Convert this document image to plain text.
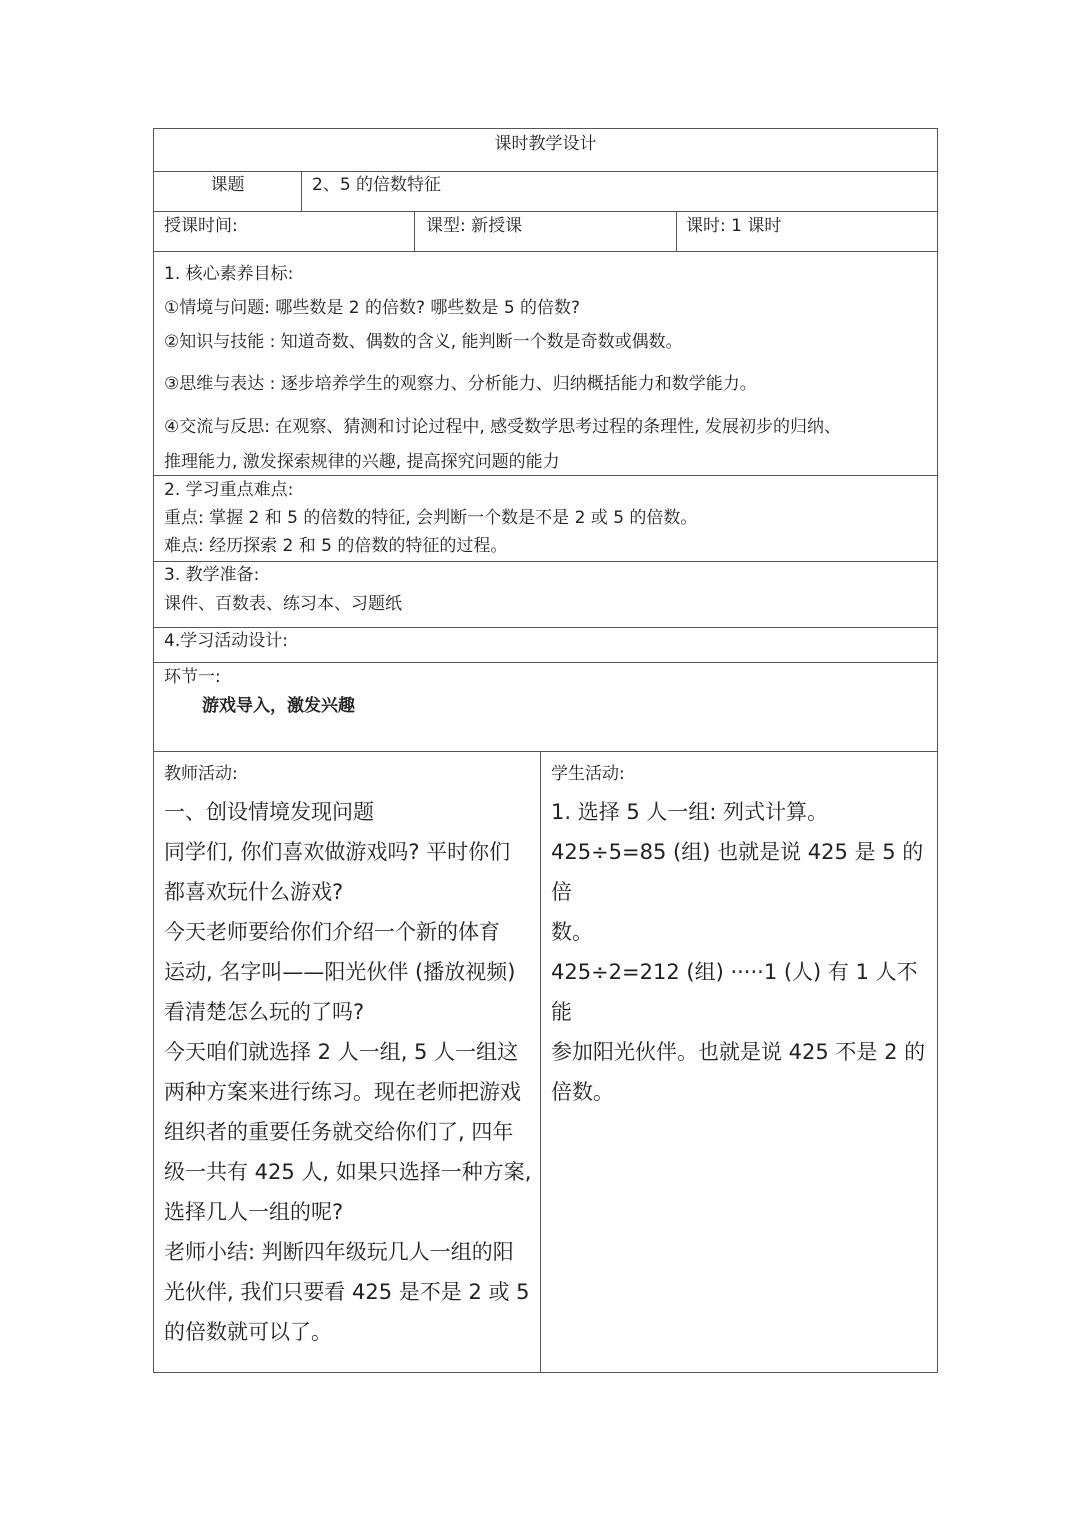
课时教学设计
课题	2、5 的倍数特征
授课时间:	课型: 新授课	课时: 1 课时
1. 核心素养目标:
①情境与问题: 哪些数是 2 的倍数? 哪些数是 5 的倍数?
②知识与技能 : 知道奇数、偶数的含义, 能判断一个数是奇数或偶数。
③思维与表达 : 逐步培养学生的观察力、分析能力、归纳概括能力和数学能力。
④交流与反思: 在观察、猜测和讨论过程中, 感受数学思考过程的条理性, 发展初步的归纳、
推理能力, 激发探索规律的兴趣, 提高探究问题的能力
2. 学习重点难点:
重点: 掌握 2 和 5 的倍数的特征, 会判断一个数是不是 2 或 5 的倍数。
难点: 经历探索 2 和 5 的倍数的特征的过程。
3. 教学准备:
课件、百数表、练习本、习题纸
4.学习活动设计:
环节一:
游戏导入，激发兴趣
教师活动:
一、创设情境发现问题
同学们, 你们喜欢做游戏吗? 平时你们
都喜欢玩什么游戏?
今天老师要给你们介绍一个新的体育
运动, 名字叫——阳光伙伴 (播放视频)
看清楚怎么玩的了吗?
今天咱们就选择 2 人一组, 5 人一组这
两种方案来进行练习。现在老师把游戏
组织者的重要任务就交给你们了, 四年
级一共有 425 人, 如果只选择一种方案,
选择几人一组的呢?
老师小结: 判断四年级玩几人一组的阳
光伙伴, 我们只要看 425 是不是 2 或 5
的倍数就可以了。
学生活动:
1. 选择 5 人一组: 列式计算。
425÷5=85 (组) 也就是说 425 是 5 的倍
数。
425÷2=212 (组) ·····1 (人) 有 1 人不能
参加阳光伙伴。也就是说 425 不是 2 的
倍数。
